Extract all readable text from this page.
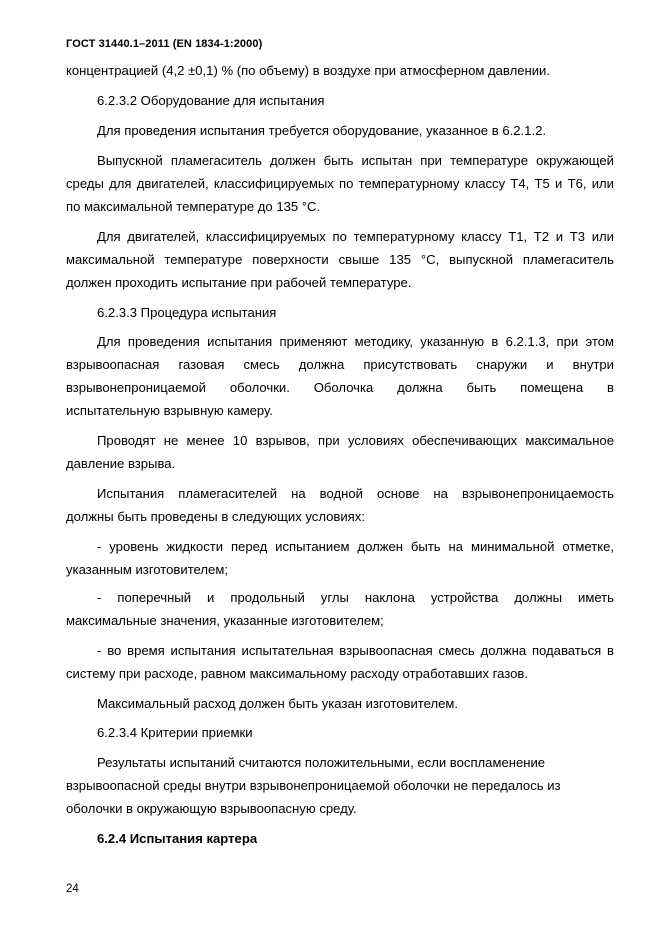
ГОСТ 31440.1–2011 (EN 1834-1:2000)
концентрацией (4,2 ±0,1) % (по объему) в воздухе при атмосферном давлении.
6.2.3.2 Оборудование для испытания
Для проведения испытания требуется оборудование, указанное в 6.2.1.2.
Выпускной пламегаситель должен быть испытан при температуре окружающей
среды для двигателей, классифицируемых по температурному классу Т4, Т5 и Т6, или
по максимальной температуре до 135 °С.
Для двигателей, классифицируемых по температурному классу Т1, Т2 и Т3 или
максимальной температуре поверхности свыше 135 °С, выпускной пламегаситель
должен проходить испытание при рабочей температуре.
6.2.3.3 Процедура испытания
Для проведения испытания применяют методику, указанную в 6.2.1.3, при этом
взрывоопасная газовая смесь должна присутствовать снаружи и внутри
взрывонепроницаемой оболочки. Оболочка должна быть помещена в
испытательную взрывную камеру.
Проводят не менее 10 взрывов, при условиях обеспечивающих максимальное
давление взрыва.
Испытания пламегасителей на водной основе на взрывонепроницаемость
должны быть проведены в следующих условиях:
- уровень жидкости перед испытанием должен быть на минимальной отметке,
указанным изготовителем;
- поперечный и продольный углы наклона устройства должны иметь
максимальные значения, указанные изготовителем;
- во время испытания испытательная взрывоопасная смесь должна подаваться в
систему при расходе, равном максимальному расходу отработавших газов.
Максимальный расход должен быть указан изготовителем.
6.2.3.4 Критерии приемки
Результаты испытаний считаются положительными, если воспламенение
взрывоопасной среды внутри взрывонепроницаемой оболочки не передалось из
оболочки в окружающую взрывоопасную среду.
6.2.4 Испытания картера
24
